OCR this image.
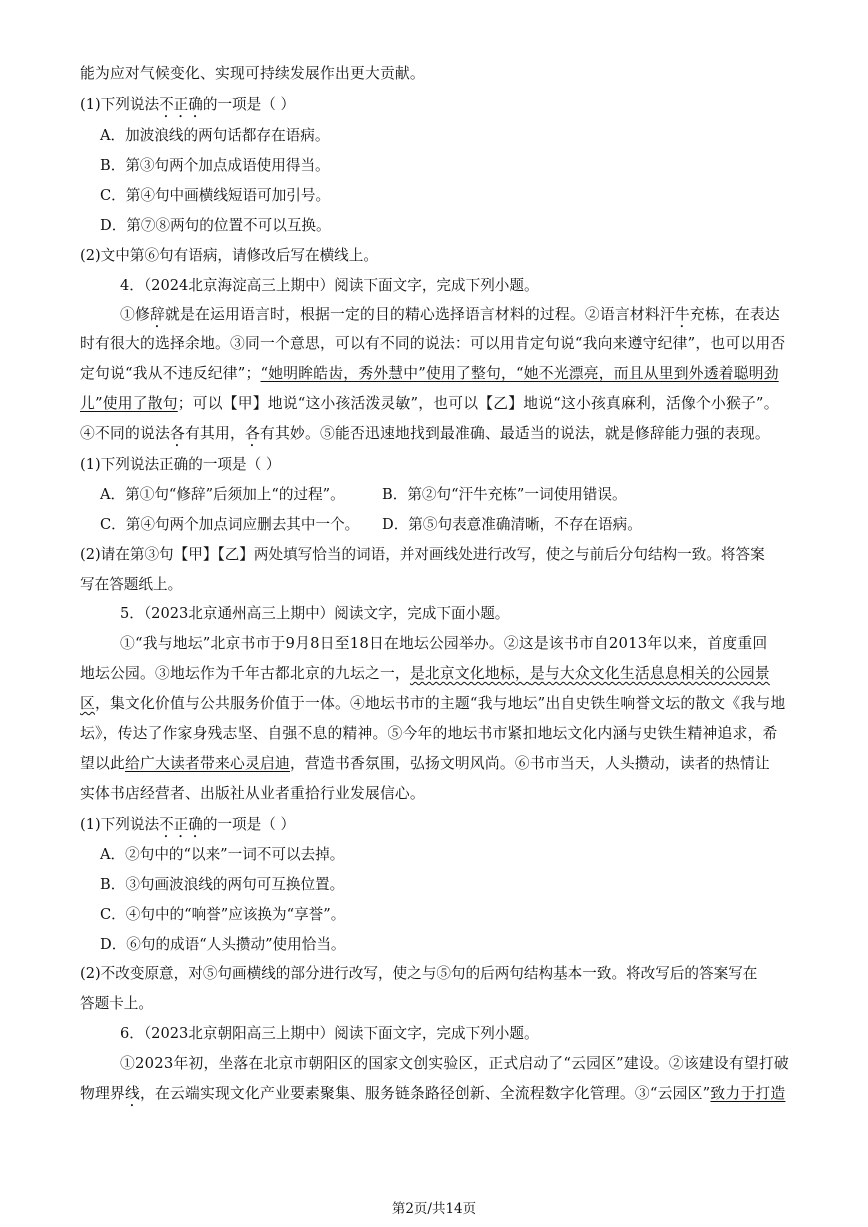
能为应对气候变化、实现可持续发展作出更大贡献。
(1)下列说法不正确的一项是（ ）
A．加波浪线的两句话都存在语病。
B．第③句两个加点成语使用得当。
C．第④句中画横线短语可加引号。
D．第⑦⑧两句的位置不可以互换。
(2)文中第⑥句有语病，请修改后写在横线上。
4．（2024北京海淀高三上期中）阅读下面文字，完成下列小题。
①修辞就是在运用语言时，根据一定的目的精心选择语言材料的过程。②语言材料汗牛充栋，在表达
时有很大的选择余地。③同一个意思，可以有不同的说法：可以用肯定句说“我向来遵守纪律”，也可以用否
定句说“我从不违反纪律”；“她明眸皓齿，秀外慧中”使用了整句，“她不光漂亮，而且从里到外透着聪明劲
儿”使用了散句；可以【甲】地说“这小孩活泼灵敏”，也可以【乙】地说“这小孩真麻利，活像个小猴子”。
④不同的说法各有其用，各有其妙。⑤能否迅速地找到最准确、最适当的说法，就是修辞能力强的表现。
(1)下列说法正确的一项是（ ）
A．第①句“修辞”后须加上“的过程”。	B．第②句“汗牛充栋”一词使用错误。
C．第④句两个加点词应删去其中一个。 D．第⑤句表意准确清晰，不存在语病。
(2)请在第③句【甲】【乙】两处填写恰当的词语，并对画线处进行改写，使之与前后分句结构一致。将答案
写在答题纸上。
5．（2023北京通州高三上期中）阅读文字，完成下面小题。
①“我与地坛”北京书市于9月8日至18日在地坛公园举办。②这是该书市自2013年以来，首度重回
地坛公园。③地坛作为千年古都北京的九坛之一，是北京文化地标，是与大众文化生活息息相关的公园景
区，集文化价值与公共服务价值于一体。④地坛书市的主题“我与地坛”出自史铁生响誉文坛的散文《我与地
坛》，传达了作家身残志坚、自强不息的精神。⑤今年的地坛书市紧扣地坛文化内涵与史铁生精神追求，希
望以此给广大读者带来心灵启迪，营造书香氛围，弘扬文明风尚。⑥书市当天，人头攒动，读者的热情让
实体书店经营者、出版社从业者重拾行业发展信心。
(1)下列说法不正确的一项是（ ）
A．②句中的“以来”一词不可以去掉。
B．③句画波浪线的两句可互换位置。
C．④句中的“响誉”应该换为“享誉”。
D．⑥句的成语“人头攒动”使用恰当。
(2)不改变原意，对⑤句画横线的部分进行改写，使之与⑤句的后两句结构基本一致。将改写后的答案写在
答题卡上。
6．（2023北京朝阳高三上期中）阅读下面文字，完成下列小题。
①2023年初，坐落在北京市朝阳区的国家文创实验区，正式启动了“云园区”建设。②该建设有望打破
物理界线，在云端实现文化产业要素聚集、服务链条路径创新、全流程数字化管理。③“云园区”致力于打造
第2页/共14页
